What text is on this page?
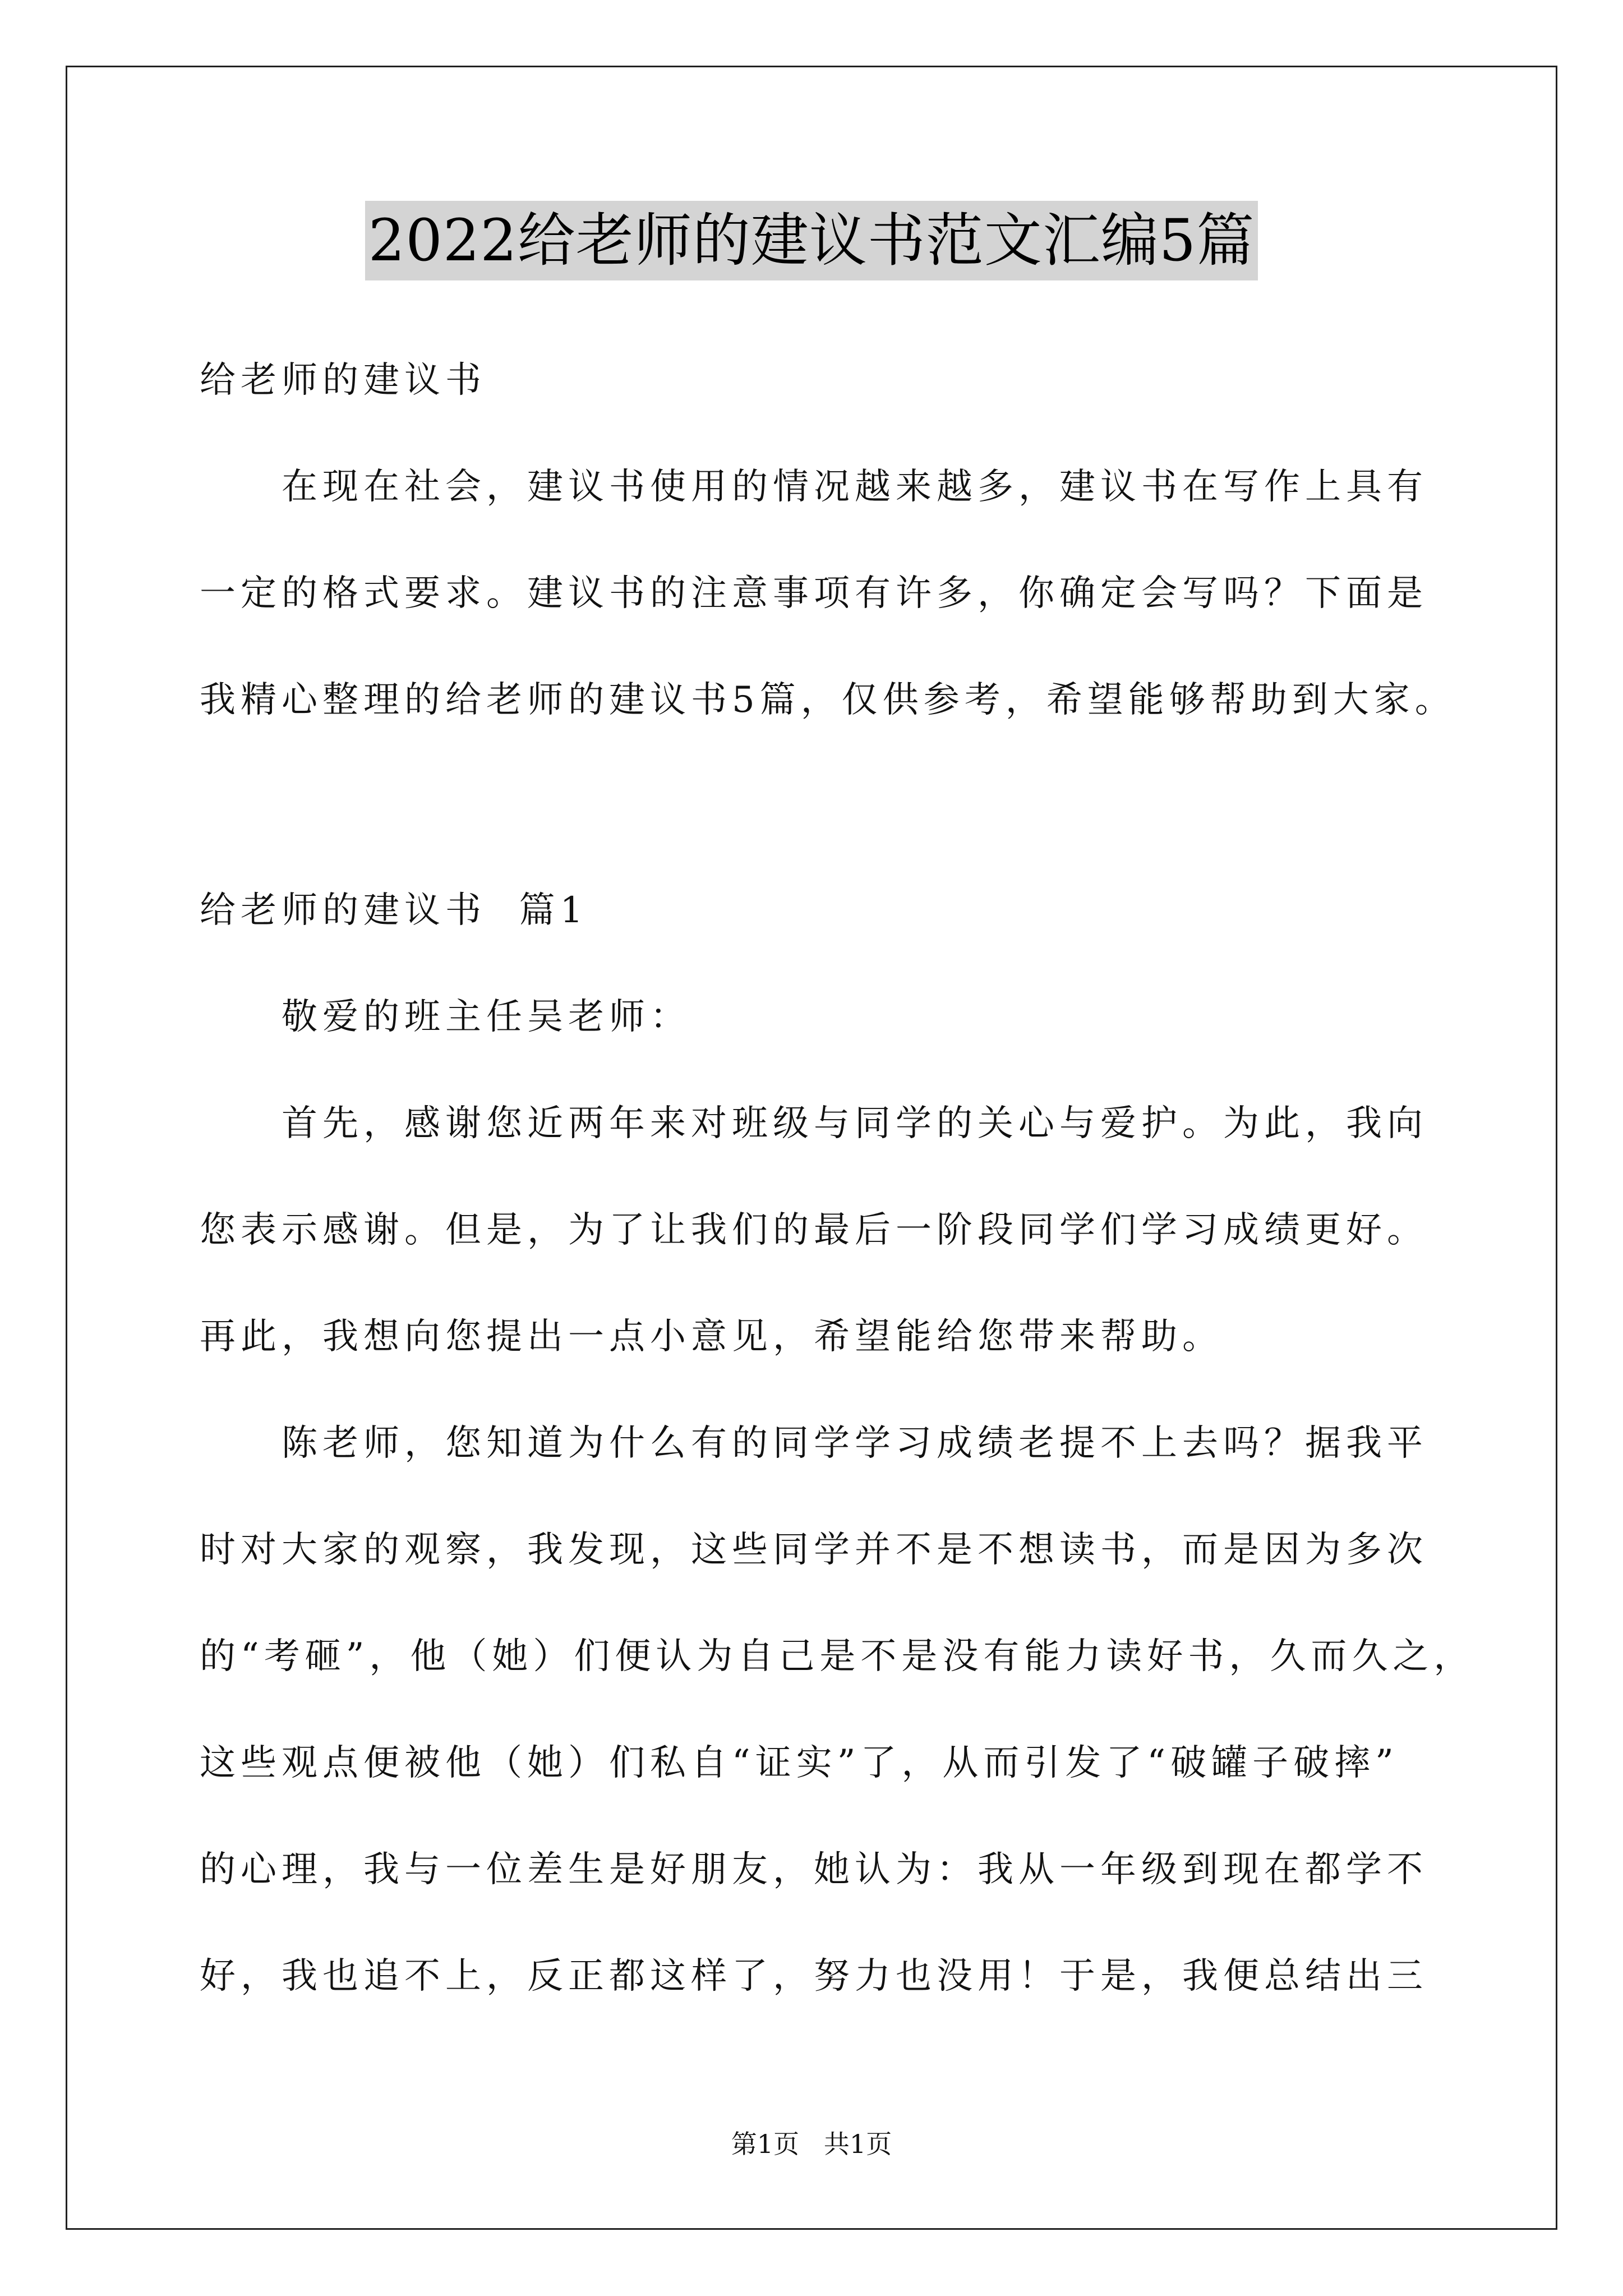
2022给老师的建议书范文汇编5篇
给老师的建议书
在现在社会，建议书使用的情况越来越多，建议书在写作上具有
一定的格式要求。建议书的注意事项有许多，你确定会写吗？下面是
我精心整理的给老师的建议书5篇，仅供参考，希望能够帮助到大家。
给老师的建议书  篇1
敬爱的班主任吴老师：
首先，感谢您近两年来对班级与同学的关心与爱护。为此，我向
您表示感谢。但是，为了让我们的最后一阶段同学们学习成绩更好。
再此，我想向您提出一点小意见，希望能给您带来帮助。
陈老师，您知道为什么有的同学学习成绩老提不上去吗？据我平
时对大家的观察，我发现，这些同学并不是不想读书，而是因为多次
的“考砸”，他（她）们便认为自己是不是没有能力读好书，久而久之，
这些观点便被他（她）们私自“证实”了，从而引发了“破罐子破摔”
的心理，我与一位差生是好朋友，她认为：我从一年级到现在都学不
好，我也追不上，反正都这样了，努力也没用！于是，我便总结出三
第1页   共1页
